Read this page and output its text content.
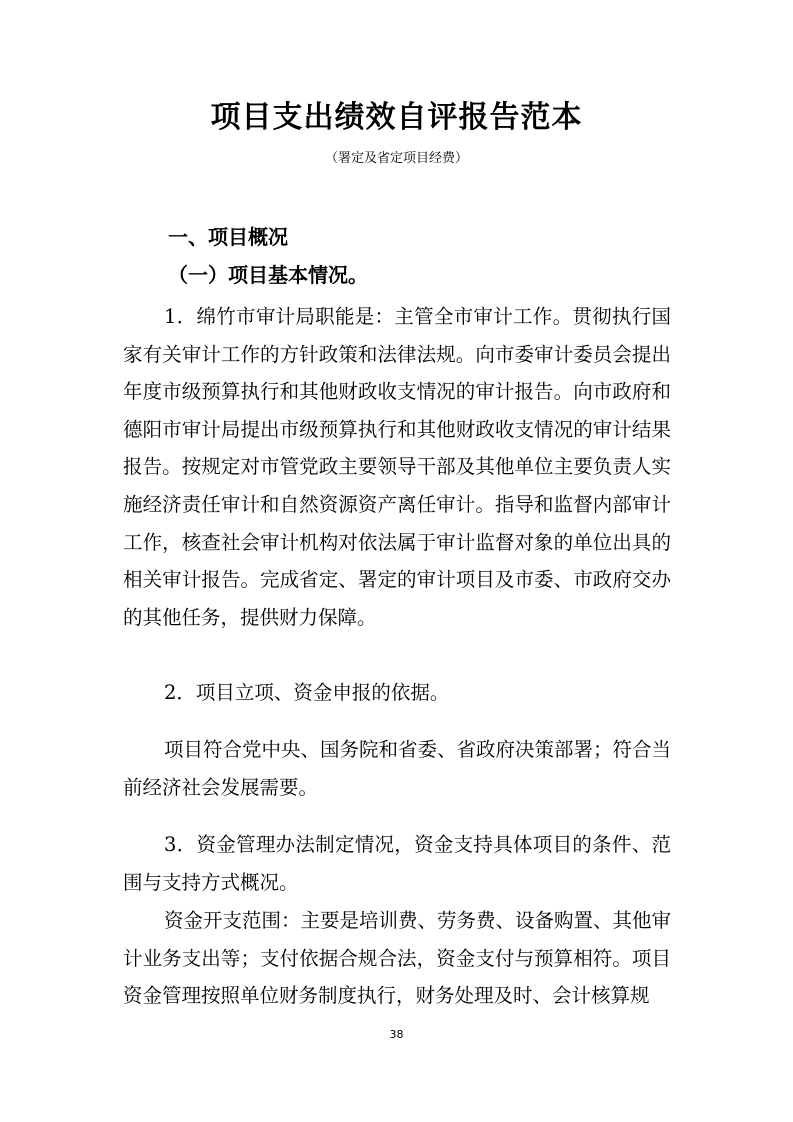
项目支出绩效自评报告范本
（署定及省定项目经费）
一、项目概况
（一）项目基本情况。

1．绵竹市审计局职能是：主管全市审计工作。贯彻执行国家有关审计工作的方针政策和法律法规。向市委审计委员会提出年度市级预算执行和其他财政收支情况的审计报告。向市政府和德阳市审计局提出市级预算执行和其他财政收支情况的审计结果报告。按规定对市管党政主要领导干部及其他单位主要负责人实施经济责任审计和自然资源资产离任审计。指导和监督内部审计工作，核查社会审计机构对依法属于审计监督对象的单位出具的相关审计报告。完成省定、署定的审计项目及市委、市政府交办的其他任务，提供财力保障。

2．项目立项、资金申报的依据。

项目符合党中央、国务院和省委、省政府决策部署；符合当前经济社会发展需要。

3．资金管理办法制定情况，资金支持具体项目的条件、范围与支持方式概况。

资金开支范围：主要是培训费、劳务费、设备购置、其他审计业务支出等；支付依据合规合法，资金支付与预算相符。项目资金管理按照单位财务制度执行，财务处理及时、会计核算规

38
